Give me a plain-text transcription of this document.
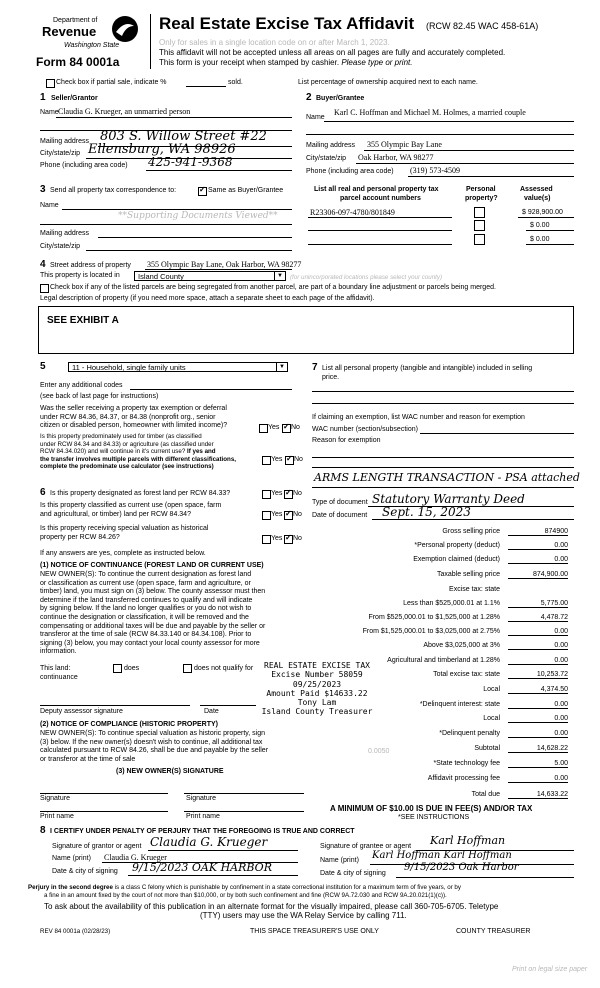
Department of
Revenue
Washington State
Form 84 0001a
Real Estate Excise Tax Affidavit (RCW 82.45 WAC 458-61A)
Only for sales in a single location code on or after March 1, 2023.
This affidavit will not be accepted unless all areas on all pages are fully and accurately completed.
This form is your receipt when stamped by cashier. Please type or print.
Check box if partial sale, indicate %	sold.	List percentage of ownership acquired next to each name.
1 Seller/Grantor
Name Claudia G. Krueger, an unmarried person
Mailing address 803 S. Willow Street #22
City/state/zip Ellensburg, WA 98926
Phone (including area code) 425-941-9368
2 Buyer/Grantee
Name
Karl C. Hoffman and Michael M. Holmes, a married couple
Mailing address 355 Olympic Bay Lane
City/state/zip Oak Harbor, WA 98277
Phone (including area code) (319) 573-4509
3 Send all property tax correspondence to: ✓	Same as Buyer/Grantee
Name
**Supporting Documents Viewed**
Mailing address
City/state/zip
List all real and personal property tax
parcel account numbers
Personal
property?
Assessed
value(s)
R23306-097-4780/801849	$ 928,900.00
$ 0.00
$ 0.00
4 Street address of property 355 Olympic Bay Lane, Oak Harbor, WA 98277
This property is located in	Island County	▼	(for unincorporated locations please select your county)
Check box if any of the listed parcels are being segregated from another parcel, are part of a boundary line adjustment or parcels being merged.
Legal description of property (if you need more space, attach a separate sheet to each page of the affidavit).
SEE EXHIBIT A
5	11 - Household, single family units	▼
Enter any additional codes
(see back of last page for instructions)
Was the seller receiving a property tax exemption or deferral
under RCW 84.36, 84.37, or 84.38 (nonprofit org., senior
citizen or disabled person, homeowner with limited income)?	Yes ✓ No
Is this property predominately used for timber (as classified
under RCW 84.34 and 84.33) or agriculture (as classified under
RCW 84.34.020) and will continue in it's current use? If yes and
the transfer involves multiple parcels with different classifications,
complete the predominate use calculator (see instructions)
Yes ✓ No
6 Is this property designated as forest land per RCW 84.33?	Yes ✓ No
Is this property classified as current use (open space, farm
and agricultural, or timber) land per RCW 84.34?	Yes ✓ No
Is this property receiving special valuation as historical
property per RCW 84.26?	Yes ✓ No
If any answers are yes, complete as instructed below.
(1) NOTICE OF CONTINUANCE (FOREST LAND OR CURRENT USE)
NEW OWNER(S): To continue the current designation as forest land
or classification as current use (open space, farm and agriculture, or
timber) land, you must sign on (3) below. The county assessor must then
determine if the land transferred continues to qualify and will indicate
by signing below. If the land no longer qualifies or you do not wish to
continue the designation or classification, it will be removed and the
compensating or additional taxes will be due and payable by the seller or
transferor at the time of sale (RCW 84.33.140 or 84.34.108). Prior to
signing (3) below, you may contact your local county assessor for more
information.
This land:
continuance
does	does not qualify for	REAL ESTATE EXCISE TAX
Excise Number 58059
09/25/2023
Amount Paid $14633.22
Tony Lam
Island County Treasurer
Deputy assessor signature	Date
(2) NOTICE OF COMPLIANCE (HISTORIC PROPERTY)
NEW OWNER(S): To continue special valuation as historic property, sign
(3) below. If the new owner(s) doesn't wish to continue, all additional tax
calculated pursuant to RCW 84.26, shall be due and payable by the seller
or transferor at the time of sale
(3) NEW OWNER(S) SIGNATURE
Signature	Signature
Print name	Print name
7 List all personal property (tangible and intangible) included in selling
price.
If claiming an exemption, list WAC number and reason for exemption
WAC number (section/subsection)
Reason for exemption
ARMS LENGTH TRANSACTION - PSA attached
Type of document Statutory Warranty Deed
Date of document Sept. 15, 2023
Gross selling price	874900
*Personal property (deduct)	0.00
Exemption claimed (deduct)	0.00
Taxable selling price	874,900.00
Excise tax: state
Less than $525,000.01 at 1.1%	5,775.00
From $525,000.01 to $1,525,000 at 1.28%	4,478.72
From $1,525,000.01 to $3,025,000 at 2.75%	0.00
Above $3,025,000 at 3%	0.00
Agricultural and timberland at 1.28%	0.00
Total excise tax: state	10,253.72
Local	4,374.50
*Delinquent interest: state	0.00
Local	0.00
*Delinquent penalty	0.00
Subtotal	14,628.22
*State technology fee	5.00
Affidavit processing fee	0.00
Total due	14,633.22
0.0050
A MINIMUM OF $10.00 IS DUE IN FEE(S) AND/OR TAX
*SEE INSTRUCTIONS
8 I CERTIFY UNDER PENALTY OF PERJURY THAT THE FOREGOING IS TRUE AND CORRECT
Signature of grantor or agent Claudia G. Krueger
Name (print) Claudia G. Krueger
Date & city of signing 9/15/2023 OAK HARBOR
Signature of grantee or agent Karl Hoffman
Name (print) Karl Hoffman Karl Hoffman
Date & city of signing
9/15/2023 Oak Harbor
Perjury in the second degree is a class C felony which is punishable by confinement in a state correctional institution for a maximum term of five years, or by
a fine in an amount fixed by the court of not more than $10,000, or by both such confinement and fine (RCW 9A.72.030 and RCW 9A.20.021(1)(c)).
To ask about the availability of this publication in an alternate format for the visually impaired, please call 360-705-6705. Teletype
(TTY) users may use the WA Relay Service by calling 711.
REV 84 0001a (02/28/23)	THIS SPACE TREASURER'S USE ONLY	COUNTY TREASURER
Print on legal size paper
